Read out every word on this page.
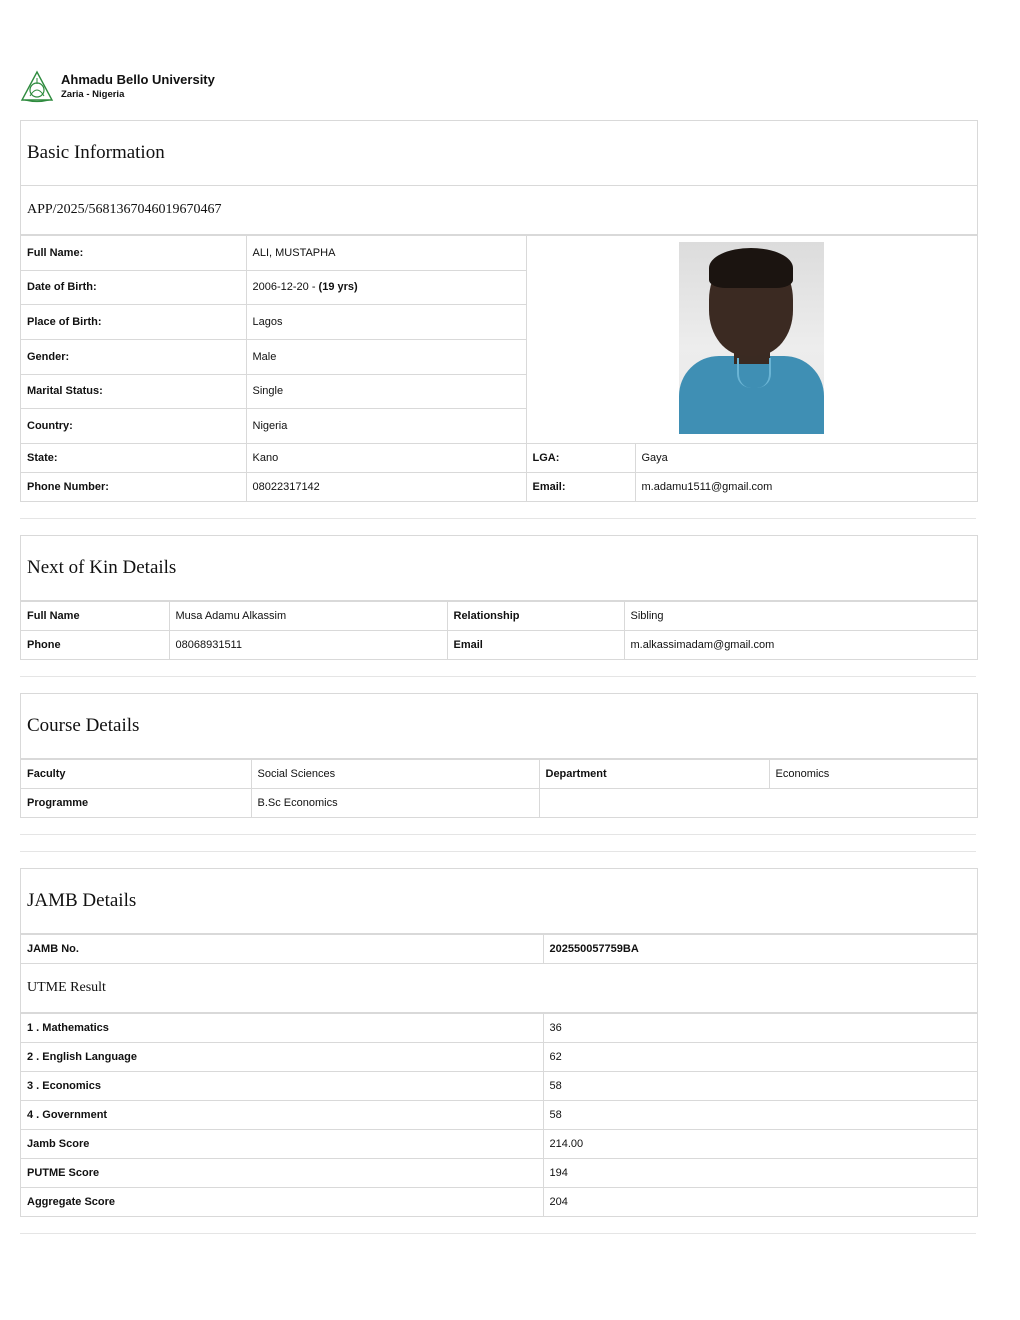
Ahmadu Bello University
Zaria - Nigeria
Basic Information
APP/2025/5681367046019670467
Full Name:	ALI, MUSTAPHA		

Date of Birth:	2006-12-20 - (19 yrs)		
Place of Birth:	Lagos		
Gender:	Male		
Marital Status:	Single		
Country:	Nigeria		
State:	Kano	LGA:	Gaya
Phone Number:	08022317142	Email:	m.adamu1511@gmail.com
Next of Kin Details
Full Name	Musa Adamu Alkassim	Relationship	Sibling
Phone	08068931511	Email	m.alkassimadam@gmail.com
Course Details
Faculty	Social Sciences	Department	Economics
Programme	B.Sc Economics		
JAMB Details
JAMB No.	202550057759BA
UTME Result
1 . Mathematics	36
2 . English Language	62
3 . Economics	58
4 . Government	58
Jamb Score	214.00
PUTME Score	194
Aggregate Score	204
